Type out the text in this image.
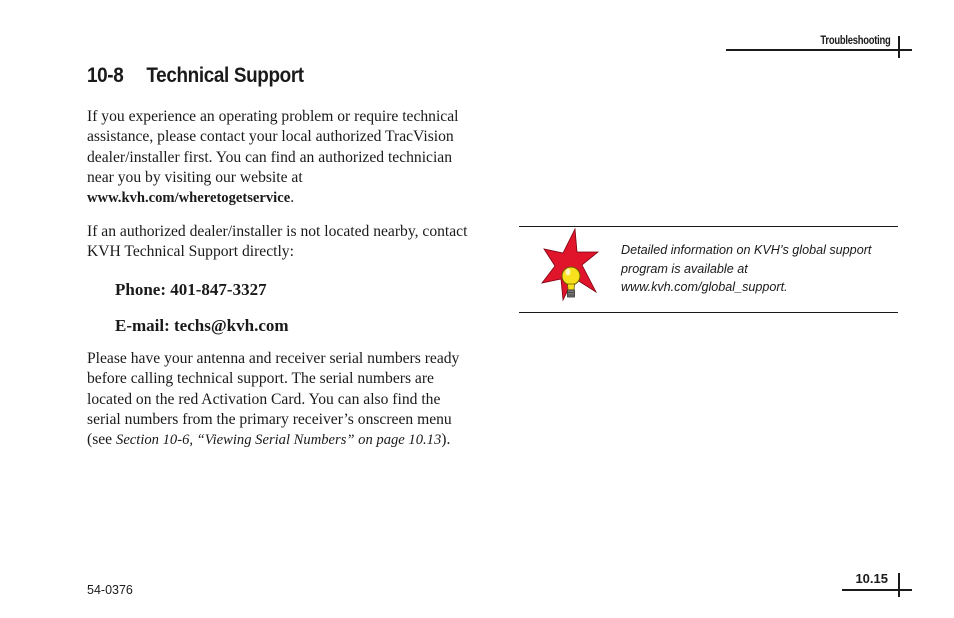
Troubleshooting
10-8 Technical Support
If you experience an operating problem or require technical assistance, please contact your local authorized TracVision dealer/installer first. You can find an authorized technician near you by visiting our website at www.kvh.com/wheretogetservice.
If an authorized dealer/installer is not located nearby, contact KVH Technical Support directly:
Phone: 401-847-3327
E-mail: techs@kvh.com
Please have your antenna and receiver serial numbers ready before calling technical support. The serial numbers are located on the red Activation Card. You can also find the serial numbers from the primary receiver’s onscreen menu (see Section 10-6, “Viewing Serial Numbers” on page 10.13).
Detailed information on KVH’s global support program is available at www.kvh.com/global_support.
54-0376
10.15
